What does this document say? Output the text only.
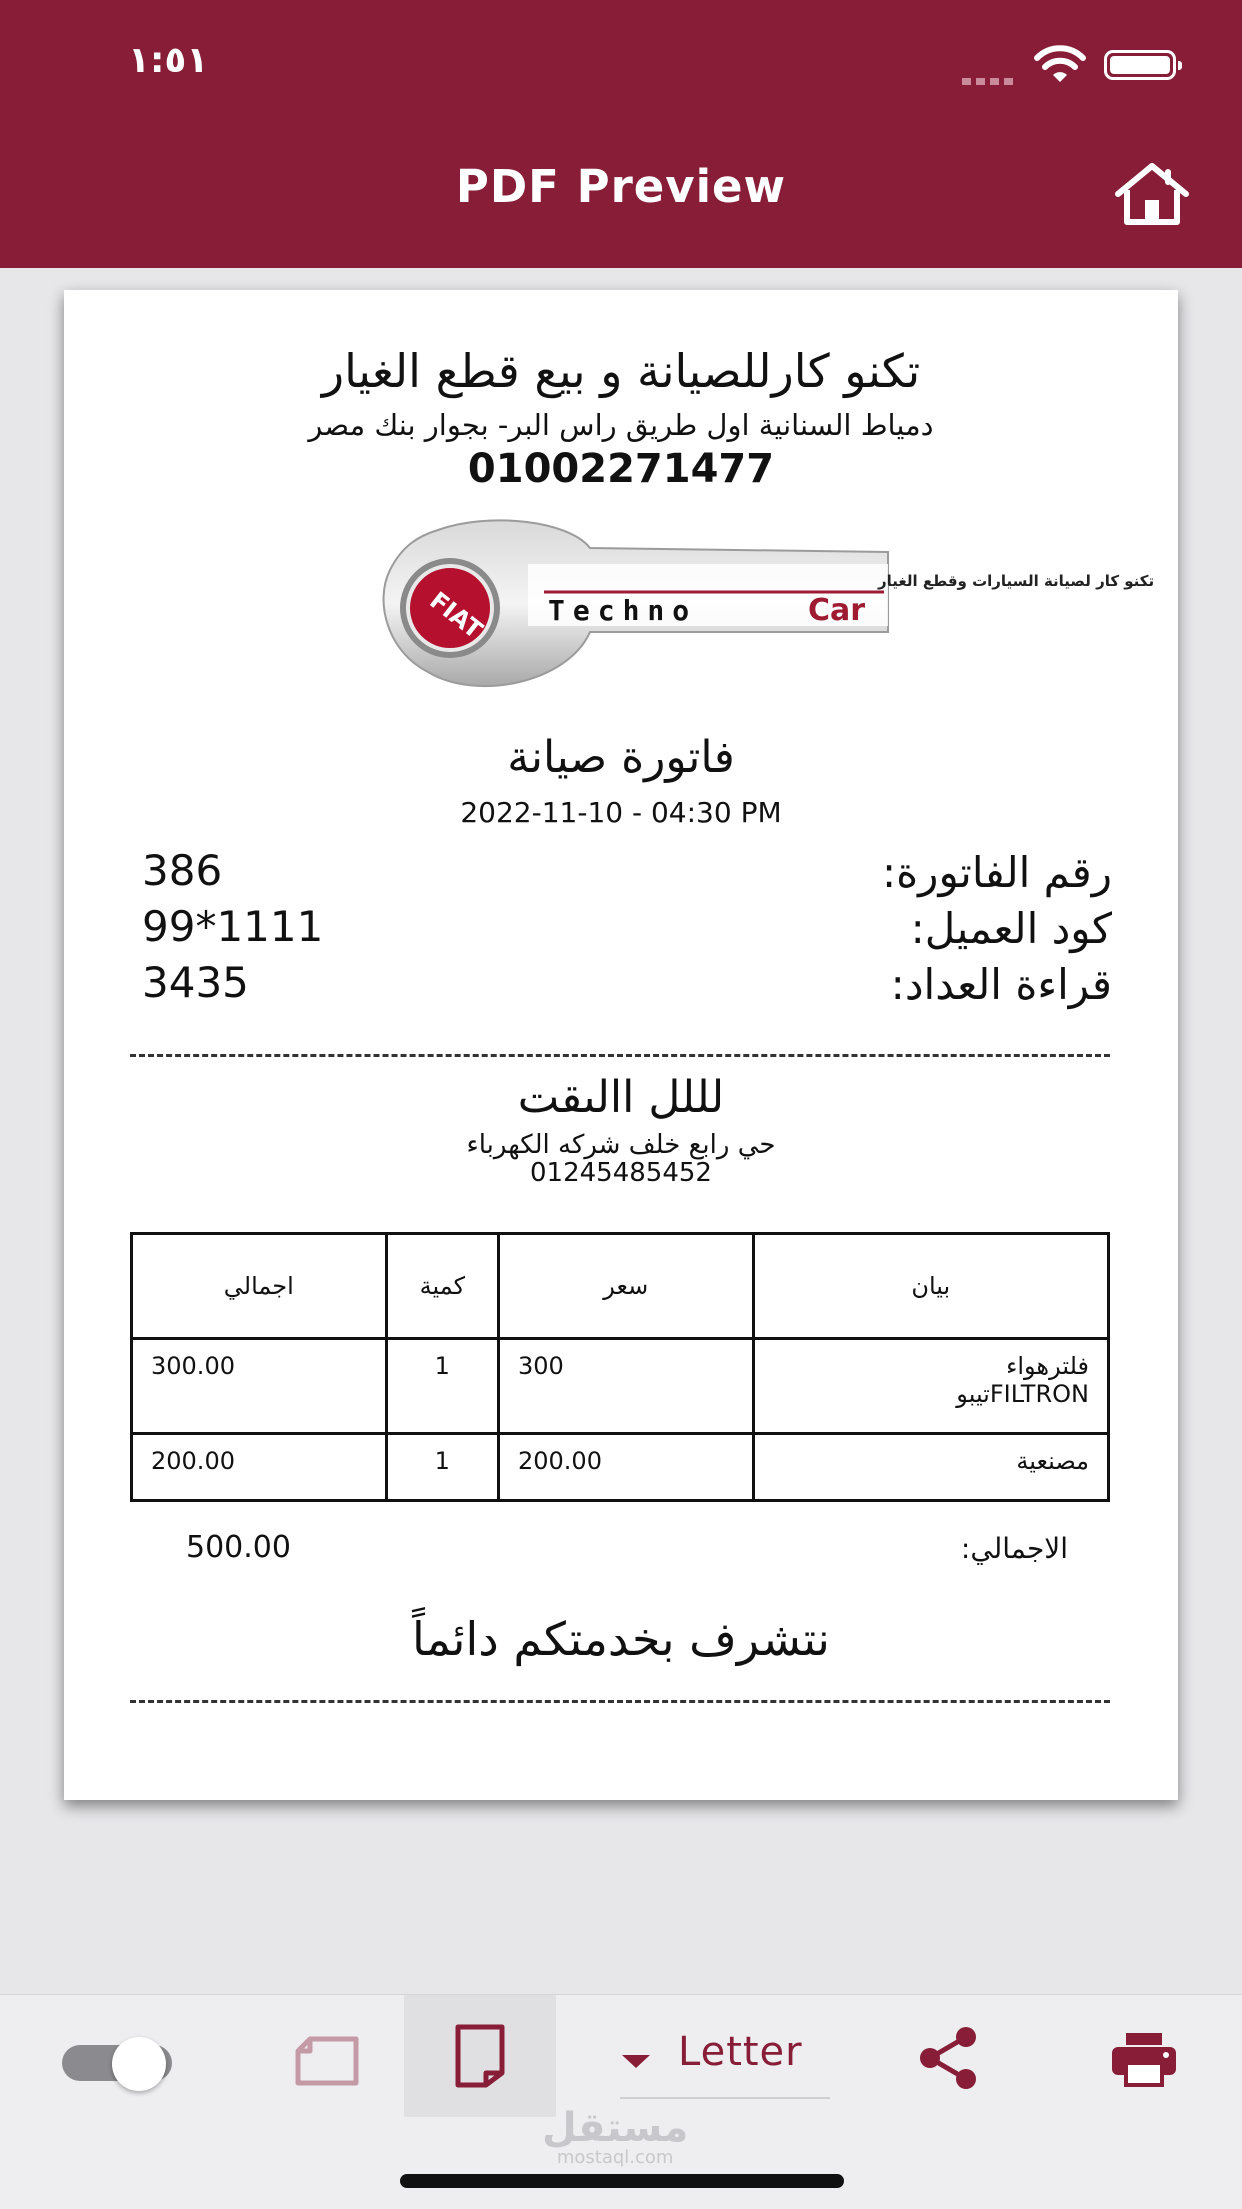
١:٥١
PDF Preview
تكنو كارللصيانة و بيع قطع الغيار
دمياط السنانية اول طريق راس البر- بجوار بنك مصر
01002271477
FIAT
تكنو كار لصيانة السيارات وقطع الغيار
Techno	Car
فاتورة صيانة
2022-11-10 - 04:30 PM
رقم الفاتورة:
386
كود العميل:
99*1111
قراءة العداد:
3435
لللل االىقت
حي رابع خلف شركه الكهرباء
01245485452
بيان	سعر	كمية	اجمالي

فلترهواء
FILTRONتيبو	300	1	300.00
مصنعية	200.00	1	200.00
الاجمالي:
500.00
نتشرف بخدمتكم دائماً
Letter
مستقل
mostaql.com
